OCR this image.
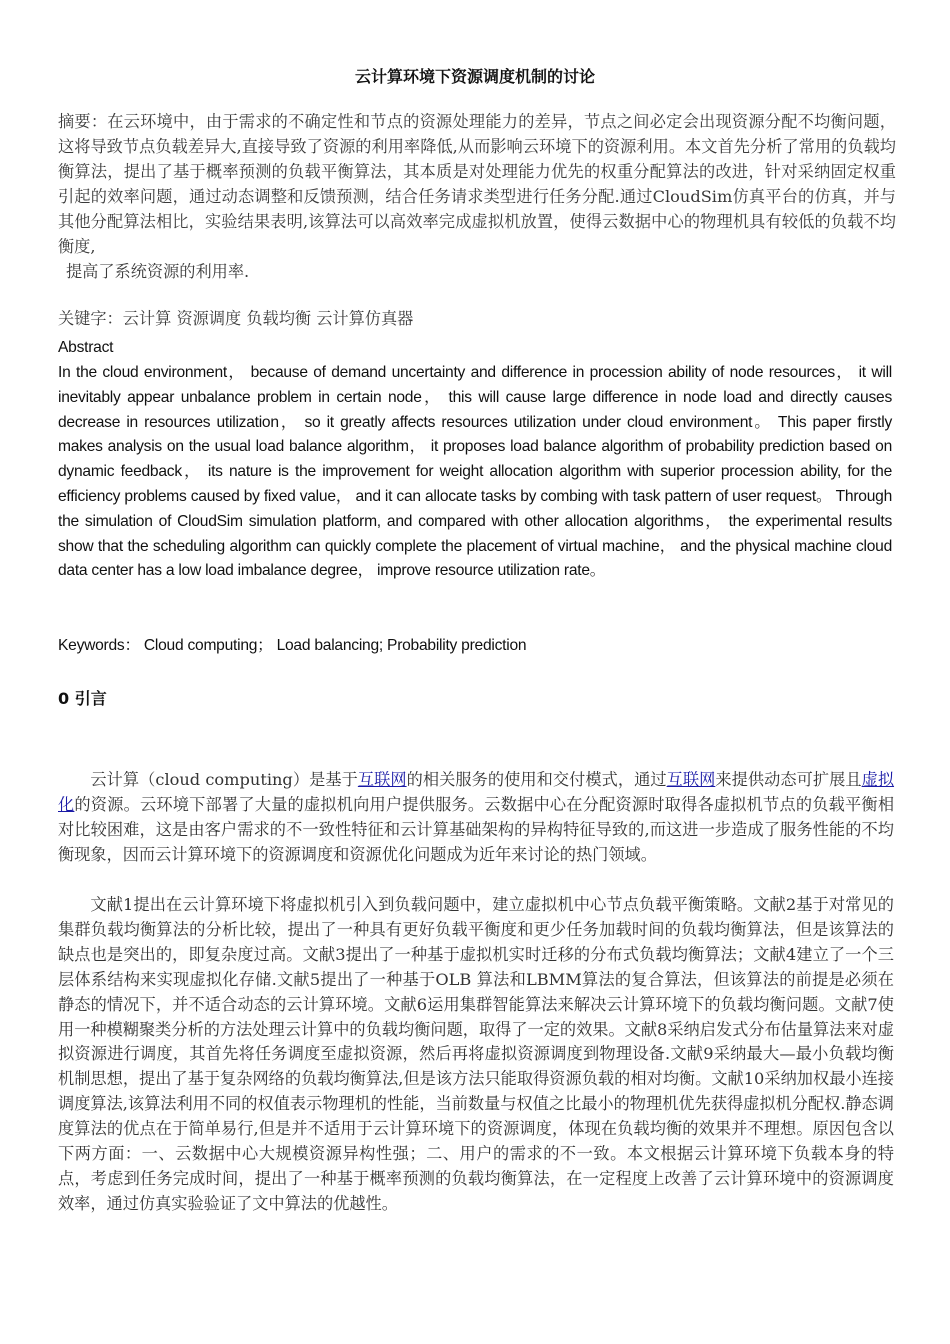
云计算环境下资源调度机制的讨论

摘要：在云环境中，由于需求的不确定性和节点的资源处理能力的差异，节点之间必定会出现资源分配不均衡问题，这将导致节点负载差异大,直接导致了资源的利用率降低,从而影响云环境下的资源利用。本文首先分析了常用的负载均衡算法，提出了基于概率预测的负载平衡算法，其本质是对处理能力优先的权重分配算法的改进，针对采纳固定权重引起的效率问题，通过动态调整和反馈预测，结合任务请求类型进行任务分配.通过CloudSim仿真平台的仿真，并与其他分配算法相比，实验结果表明,该算法可以高效率完成虚拟机放置，使得云数据中心的物理机具有较低的负载不均衡度,

提高了系统资源的利用率.

关键字：云计算 资源调度 负载均衡 云计算仿真器
Abstract
In the cloud environment， because of demand uncertainty and difference in procession ability of node resources， it will inevitably appear unbalance problem in certain node， this will cause large difference in node load and directly causes decrease in resources utilization， so it greatly affects resources utilization under cloud environment。 This paper firstly makes analysis on the usual load balance algorithm， it proposes load balance algorithm of probability prediction based on dynamic feedback， its nature is the improvement for weight allocation algorithm with superior procession ability, for the efficiency problems caused by fixed value， and it can allocate tasks by combing with task pattern of user request。 Through the simulation of CloudSim simulation platform, and compared with other allocation algorithms， the experimental results show that the scheduling algorithm can quickly complete the placement of virtual machine， and the physical machine cloud data center has a low load imbalance degree， improve resource utilization rate。
Keywords： Cloud computing； Load balancing; Probability prediction
0 引言
云计算（cloud computing）是基于互联网的相关服务的使用和交付模式，通过互联网来提供动态可扩展且虚拟化的资源。云环境下部署了大量的虚拟机向用户提供服务。云数据中心在分配资源时取得各虚拟机节点的负载平衡相对比较困难，这是由客户需求的不一致性特征和云计算基础架构的异构特征导致的,而这进一步造成了服务性能的不均衡现象，因而云计算环境下的资源调度和资源优化问题成为近年来讨论的热门领域。
文献1提出在云计算环境下将虚拟机引入到负载问题中，建立虚拟机中心节点负载平衡策略。文献2基于对常见的集群负载均衡算法的分析比较，提出了一种具有更好负载平衡度和更少任务加载时间的负载均衡算法，但是该算法的缺点也是突出的，即复杂度过高。文献3提出了一种基于虚拟机实时迁移的分布式负载均衡算法；文献4建立了一个三层体系结构来实现虚拟化存储.文献5提出了一种基于OLB 算法和LBMM算法的复合算法，但该算法的前提是必须在静态的情况下，并不适合动态的云计算环境。文献6运用集群智能算法来解决云计算环境下的负载均衡问题。文献7使用一种模糊聚类分析的方法处理云计算中的负载均衡问题，取得了一定的效果。文献8采纳启发式分布估量算法来对虚拟资源进行调度，其首先将任务调度至虚拟资源，然后再将虚拟资源调度到物理设备.文献9采纳最大—最小负载均衡机制思想，提出了基于复杂网络的负载均衡算法,但是该方法只能取得资源负载的相对均衡。文献10采纳加权最小连接调度算法,该算法利用不同的权值表示物理机的性能，当前数量与权值之比最小的物理机优先获得虚拟机分配权.静态调度算法的优点在于简单易行,但是并不适用于云计算环境下的资源调度，体现在负载均衡的效果并不理想。原因包含以下两方面：一、云数据中心大规模资源异构性强；二、用户的需求的不一致。本文根据云计算环境下负载本身的特点，考虑到任务完成时间，提出了一种基于概率预测的负载均衡算法，在一定程度上改善了云计算环境中的资源调度效率，通过仿真实验验证了文中算法的优越性。
